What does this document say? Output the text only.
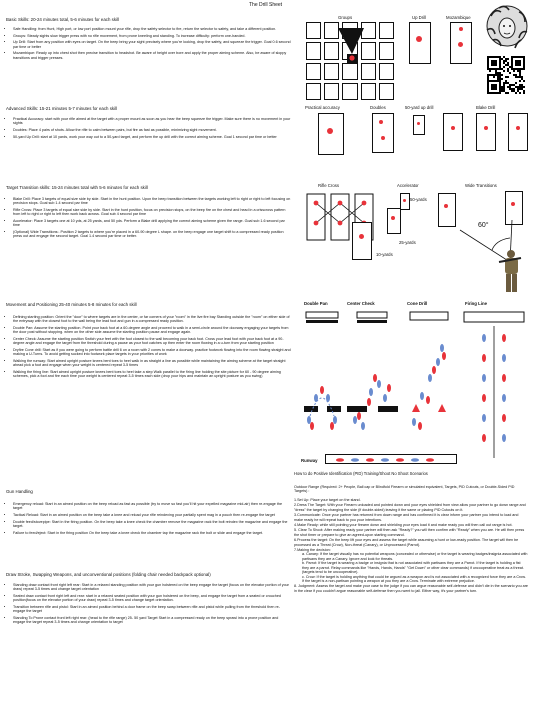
The Drill Sheet
Basic Skills: 20-24 minutes total, 5-6 minutes for each skill
• Safe Handling: from Hunt, High port, or low port position mount your rifle, drop the safety selector to fire, return the selector to safety, and take a different position.
• Groups: Steady sights slow trigger press with no rifle movement, from prone kneeling and standing. To increase difficulty: perform one-handed.
• Up Drill: Start from any position with eyes on target. On the beep bring your sight precisely where you're looking, drop the safety, and squeeze the trigger. Goal 0.6 second par time or better
• Mozambique: Ready up into chest shot then precise transition to headshot. Be aware of height over bore and apply the proper aiming scheme. Also, be aware of sloppy transitions and trigger presses.
Advanced Skills: 15-21 minutes 5-7 minutes for each skill
• Practical Accuracy: start with your rifle aimed at the target with a proper mount as soon as you hear the beep squeeze the trigger. Make sure there is no movement in your sights
• Doubles: Place 4 pairs of shots. Allow the rifle to calm between pairs, but fire as fast as possible, minimizing sight movement.
• 50-yard Up Drill: start at 10 yards, work your way out to a 50-yard target, and perform the up drill with the correct aiming scheme. Goal 1 second par time or better
Target Transition skills: 15-24 minutes total with 5-6 minutes for each skill
• Blake Drill: Place 3 targets of equal size side by side. Start in the hunt position. Upon the beep transition between the targets working left to right or right to left focusing on precision stops. Goal sub 1.4 second par time
• Rifle Cross: Place 3 targets of equal size side by side. Start in the hunt position, focus on precision stops, on the beep fire on the chest and head in a crisscross pattern from left to right or right to left then work back across. Goal sub 4 second par time
• Accelerator: Place 3 targets one at 10 yds, at 25 yards, and 50 yds. Perform a Blake drill applying the correct aiming scheme given the range. Goal sub 1.6 second par time
• (Optional) Wide Transitions:. Position 2 targets to where you're placed in a 60-90 degree L shape. on the beep engage one target shift to a compressed ready position press out and engage the second target. Goal 1.4 second par time or better.
Movement and Positioning 25-40 minutes 5-8 minutes for each skill
• Defining starting position: Orient the "door" to where targets are in the center, or far corners of your "room" in the live fire bay Standing outside the "room" on either side of the entryway with the closest foot to the wall being the lead foot and gun in a compressed ready position.
• Double Pan: Assume the starting position. Point your back foot at a 60-degree angle and proceed to walk in a semi-circle around the doorway engaging your targets from the door post without stopping. when on the other side assume the starting position pause and engage again.
• Center Check: Assume the starting position Switch your feet with the foot closest to the wall becoming your back foot. Cross your lead foot with your back foot at a 90-degree angle and engage the target from the threshold during a pause as your foot catches up then enter the room flowing in a u-turn from your starting position
• Dryfire Cone drill: Start as if you were going to perform battle drill 6 on a room with 2 cones to make a doorway. practice footwork flowing into the room flowing straight and making a U-Turns. To avoid getting sucked into footwork place targets in your priorities of work
• Walking the runway: Start aimed upright posture knees bent toes to heel walk in as straight a line as possible while maintaining the aiming scheme at the target straight ahead pick a foot and engage when your weight is centered repeat 3-5 times
• Walking the firing line: Start aimed upright posture knees bent toes to heel take a step Walk parallel to the firing line holding the site picture for 60 - 90 degree aiming schemes, pick a foot and fire each time your weight is centered repeat 3-5 times each side (drop your hips and maintain an upright posture as you swing)
Gun Handling
• Emergency reload: Start in an aimed position on the beep reload as fast as possible (try to move so fast you'll hit your expelled magazine mid-air) then re-engage the target
• Tactical Reload: Start in an aimed position on the beep take a knee and reload your rifle reindexing your partially spent mag in a pouch then re-engage the target
• Double feed/stovepipe: Start in the firing position. On the beep take a knee check the chamber remove the magazine rack the bolt reindex the magazine and engage the target.
• Failure to feed/eject: Start in the firing position On the beep take a knee check the chamber tap the magazine rack the bolt or slide and engage the target.
Draw Stroke, Swapping Weapons, and unconventional positions (folding chair needed backpack optional)
• Standing draw contact front right left rear: Start in a relaxed standing position with your gun holstered on the beep engage the target (focus on the elevator portion of your draw) repeat 3-5 times and change target orientation
• Seated draw contact front right left and rear: start in a relaxed seated position with your gun holstered on the beep, and engage the target from a seated or crouched position(focus on the elevator portion of your draw) repeat 3-5 times and change target orientation.
• Transition between rifle and pistol: Start in an aimed position behind a door frame on the beep swap between rifle and pistol while pulling from the threshold then re-engage the target
• Standing To Prone contact front left right rear: (head to the rifle range) 25- 50 yard Target Start in a compressed ready on the beep sprawl into a prone position and engage the target repeat 3-5 times and change orientation to target
Groups	Up Drill	Mozambique
Practical accuracy	Doubles	50-yard up drill	Blake Drill
Rifle Cross	Accelerator
50-yards
25-yards
10-yards
Wide Transitions
60°
Double Pan	Center Check	Cone Drill	Firing Line
Runway
How to do Positive Identification (PID) Training/Shoot No Shoot Scenarios
Outdoor Range (Required: 2+ People, Ball cap or Blindfold Firearm or simulated equivalent, Targets, PID Cutouts, or Double-Sided PID Targets) :
1.Set Up: Place your target on the stand.
2.Dress The Target: With your Firearm unloaded and pointed down and your eyes shielded from view allow your partner to go down range and "dress" the target by changing the side (if double-sided) leaving it the same or placing PID Cutouts on it.
3.Communicate: Once your partner has returned from down range and has confirmed it is clear inform your partner you intend to load and make ready he will repeat back to you your intentions.
4.Make Ready: while still pointing your firearm down and shielding your eyes load it and make ready you will then call out range is hot.
5. Clear To Shoot: After making ready your partner will then ask "Ready?" you will then confirm with "Ready" when you are. He will then press the shot timer or prepare to give an agreed-upon starting command.
6.Process the target: On the beep lift your eyes and assess the target while assuming a hunt or low-ready position. The target will then be processed as a Threat (Crow), Non-threat (Canary), or Unprocessed (Parrot).
7.Making the decision:
a. Canary: If the target visually has no potential weapons (concealed or otherwise) or the target is wearing badges/insignia associated with partisans they are a Canary. Ignore and look for threats.
b. Parrot: If the target is wearing a badge or insignia that is not associated with partisans they are a Parrot. If the target is holding a fist they are a parrot. Relay commands like "Hands, Hands, Hands" "Get Down" or other clear commands) if uncooperative treat as a threat. (targets tend to be uncooperative).
c. Crow: If the target is holding anything that could be argued as a weapon and is not associated with a recognized force they are a Crow. If the target is a non-partisan pointing a weapon at you they are a Crow. Terminate with extreme prejudice.
8. Judgment: Assess the target and make your case to the judge if you can argue reasonable self-defense and didn't die in the scenario you are in the clear if you couldn't argue reasonable self-defense then you went to jail. Either way, it's your partner's turn.
